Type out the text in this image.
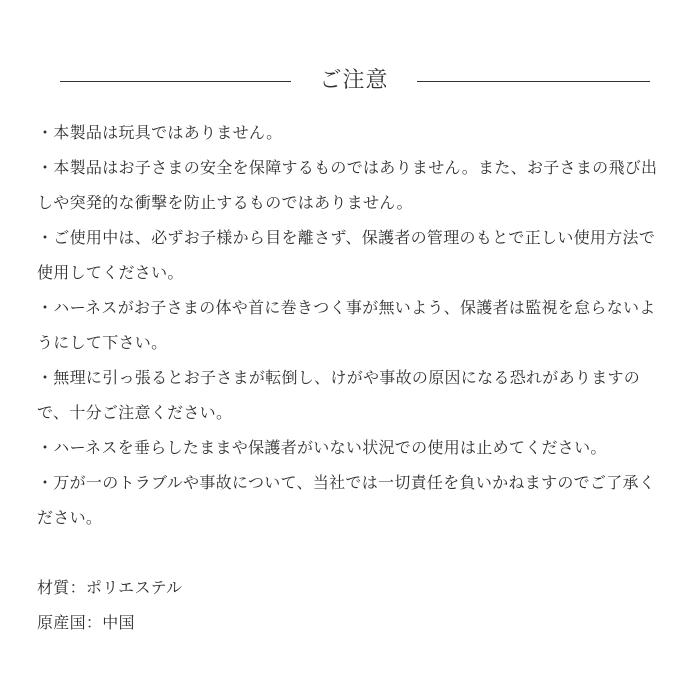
ご注意
・本製品は玩具ではありません。
・本製品はお子さまの安全を保障するものではありません。また、お子さまの飛び出しや突発的な衝撃を防止するものではありません。
・ご使用中は、必ずお子様から目を離さず、保護者の管理のもとで正しい使用方法で使用してください。
・ハーネスがお子さまの体や首に巻きつく事が無いよう、保護者は監視を怠らないようにして下さい。
・無理に引っ張るとお子さまが転倒し、けがや事故の原因になる恐れがありますので、十分ご注意ください。
・ハーネスを垂らしたままや保護者がいない状況での使用は止めてください。
・万が一のトラブルや事故について、当社では一切責任を負いかねますのでご了承ください。
材質：ポリエステル
原産国：中国
